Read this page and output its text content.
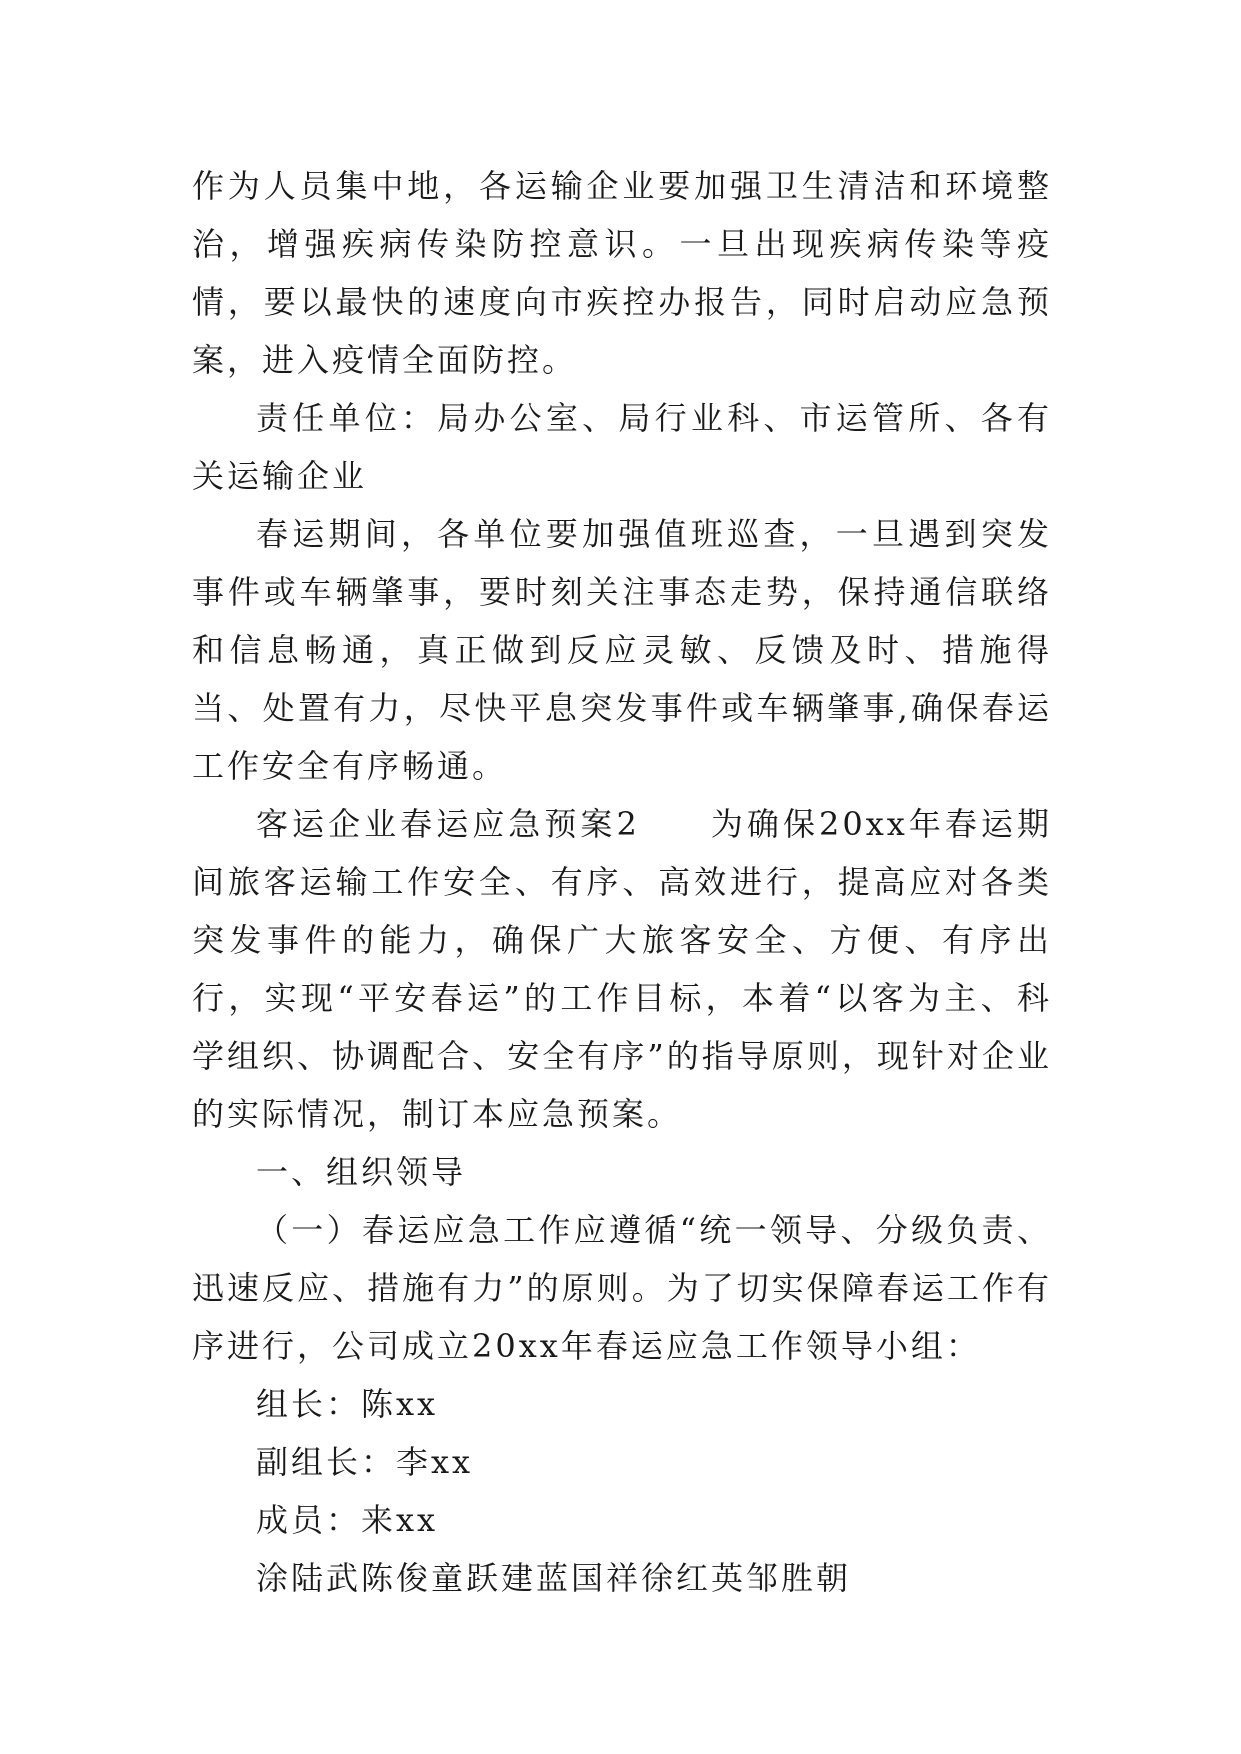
作为人员集中地，各运输企业要加强卫生清洁和环境整治，增强疾病传染防控意识。一旦出现疾病传染等疫情，要以最快的速度向市疾控办报告，同时启动应急预案，进入疫情全面防控。

责任单位：局办公室、局行业科、市运管所、各有关运输企业

春运期间，各单位要加强值班巡查，一旦遇到突发事件或车辆肇事，要时刻关注事态走势，保持通信联络和信息畅通，真正做到反应灵敏、反馈及时、措施得当、处置有力，尽快平息突发事件或车辆肇事,确保春运工作安全有序畅通。

客运企业春运应急预案2 为确保20xx年春运期间旅客运输工作安全、有序、高效进行，提高应对各类突发事件的能力，确保广大旅客安全、方便、有序出行，实现“平安春运”的工作目标，本着“以客为主、科学组织、协调配合、安全有序”的指导原则，现针对企业的实际情况，制订本应急预案。

一、组织领导

（一）春运应急工作应遵循“统一领导、分级负责、迅速反应、措施有力”的原则。为了切实保障春运工作有序进行，公司成立20xx年春运应急工作领导小组：

组长：陈xx

副组长：李xx

成员：来xx

涂陆武陈俊童跃建蓝国祥徐红英邹胜朝
